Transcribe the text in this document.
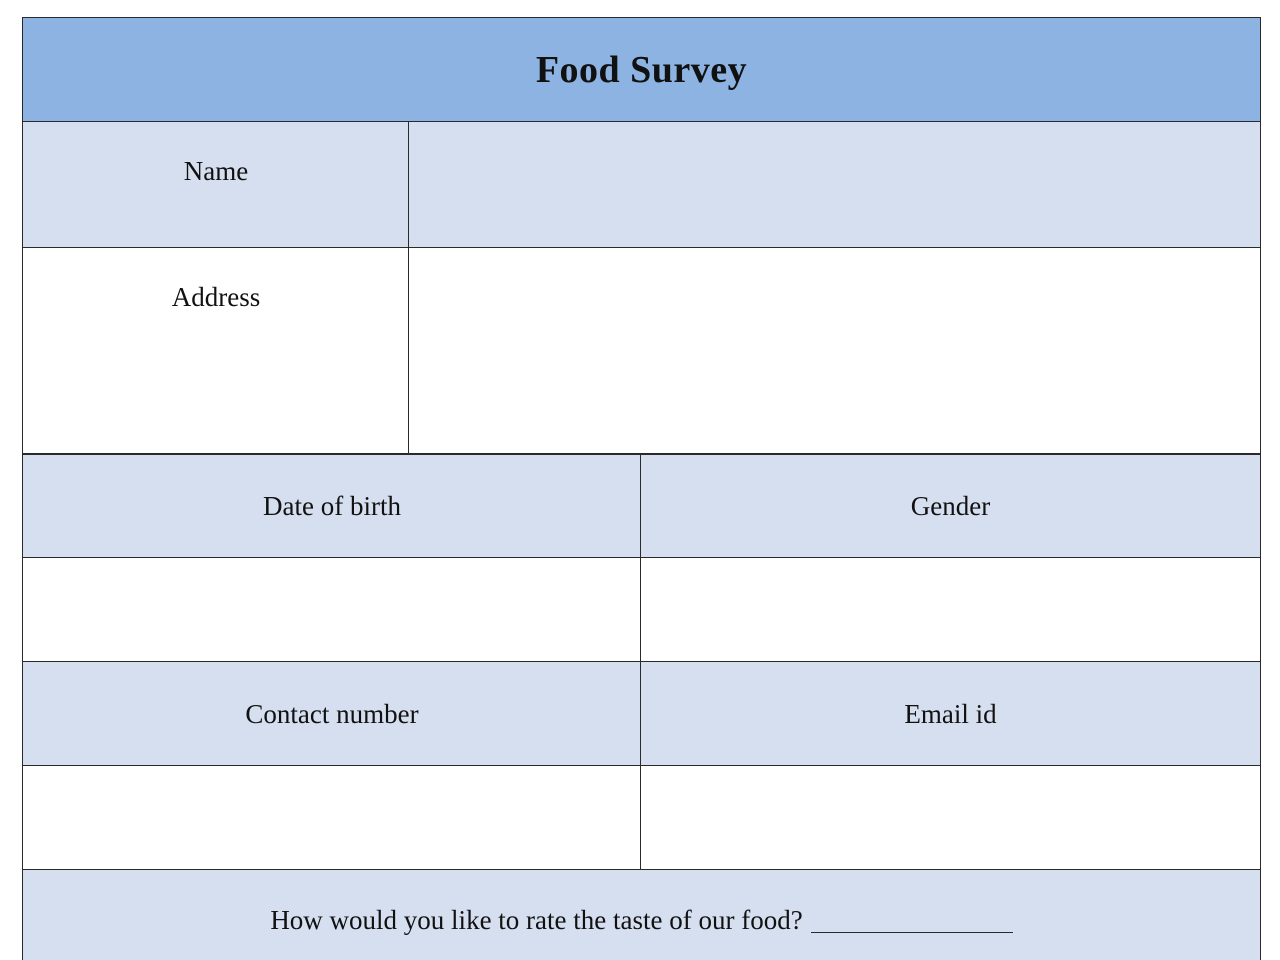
Food Survey
Name
Address
Date of birth	Gender
Contact number	Email id
How would you like to rate the taste of our food?
